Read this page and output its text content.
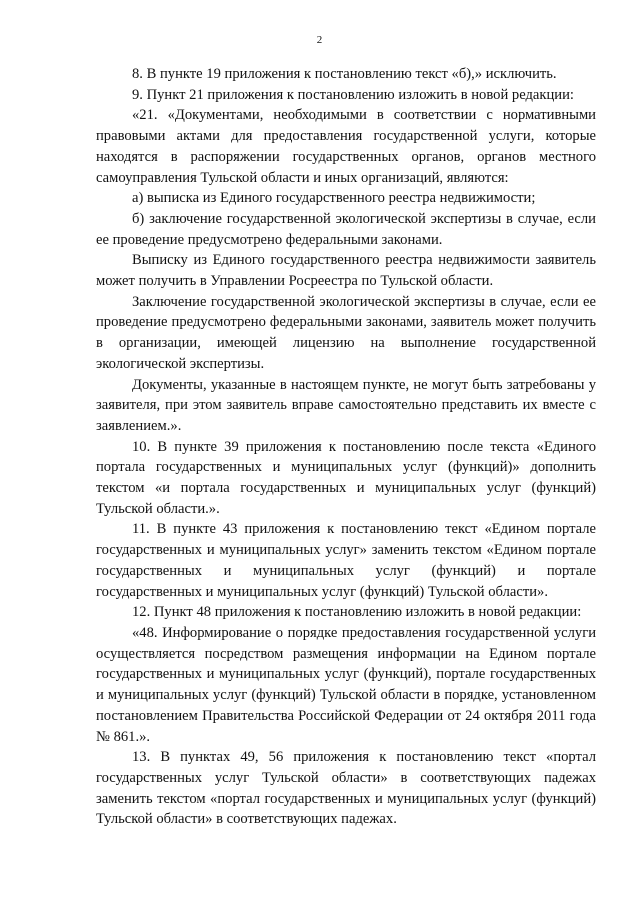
2

8. В пункте 19 приложения к постановлению текст «б),» исключить.

9. Пункт 21 приложения к постановлению изложить в новой редакции:

«21. «Документами, необходимыми в соответствии с нормативными правовыми актами для предоставления государственной услуги, которые находятся в распоряжении государственных органов, органов местного самоуправления Тульской области и иных организаций, являются:

а) выписка из Единого государственного реестра недвижимости;

б) заключение государственной экологической экспертизы в случае, если ее проведение предусмотрено федеральными законами.

Выписку из Единого государственного реестра недвижимости заявитель может получить в Управлении Росреестра по Тульской области.

Заключение государственной экологической экспертизы в случае, если ее проведение предусмотрено федеральными законами, заявитель может получить в организации, имеющей лицензию на выполнение государственной экологической экспертизы.

Документы, указанные в настоящем пункте, не могут быть затребованы у заявителя, при этом заявитель вправе самостоятельно представить их вместе с заявлением.».

10. В пункте 39 приложения к постановлению после текста «Единого портала государственных и муниципальных услуг (функций)» дополнить текстом «и портала государственных и муниципальных услуг (функций) Тульской области.».

11. В пункте 43 приложения к постановлению текст «Едином портале государственных и муниципальных услуг» заменить текстом «Едином портале государственных и муниципальных услуг (функций) и портале государственных и муниципальных услуг (функций) Тульской области».

12. Пункт 48 приложения к постановлению изложить в новой редакции:

«48. Информирование о порядке предоставления государственной услуги осуществляется посредством размещения информации на Едином портале государственных и муниципальных услуг (функций), портале государственных и муниципальных услуг (функций) Тульской области в порядке, установленном постановлением Правительства Российской Федерации от 24 октября 2011 года № 861.».

13. В пунктах 49, 56 приложения к постановлению текст «портал государственных услуг Тульской области» в соответствующих падежах заменить текстом «портал государственных и муниципальных услуг (функций) Тульской области» в соответствующих падежах.
